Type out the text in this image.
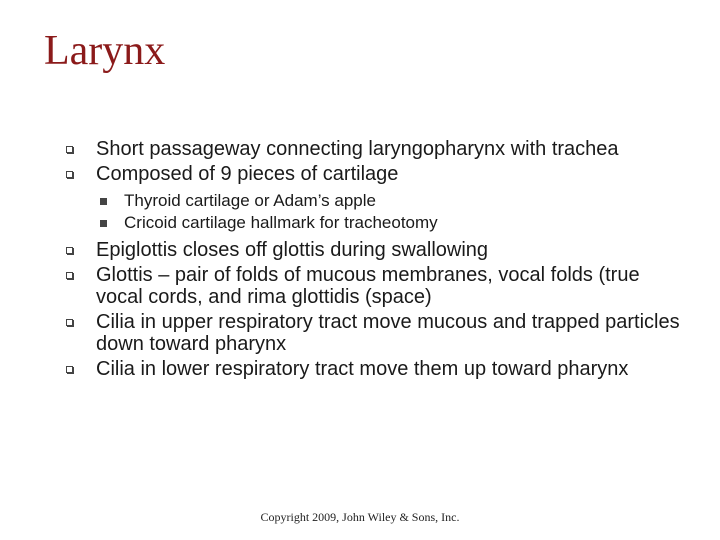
Larynx
Short passageway connecting laryngopharynx with trachea
Composed of 9 pieces of cartilage
Thyroid cartilage or Adam’s apple
Cricoid cartilage hallmark for tracheotomy
Epiglottis closes off glottis during swallowing
Glottis – pair of folds of mucous membranes, vocal folds (true vocal cords, and rima glottidis (space)
Cilia in upper respiratory tract move mucous and trapped particles down toward pharynx
Cilia in lower respiratory tract move them up toward pharynx
Copyright 2009, John Wiley & Sons, Inc.
